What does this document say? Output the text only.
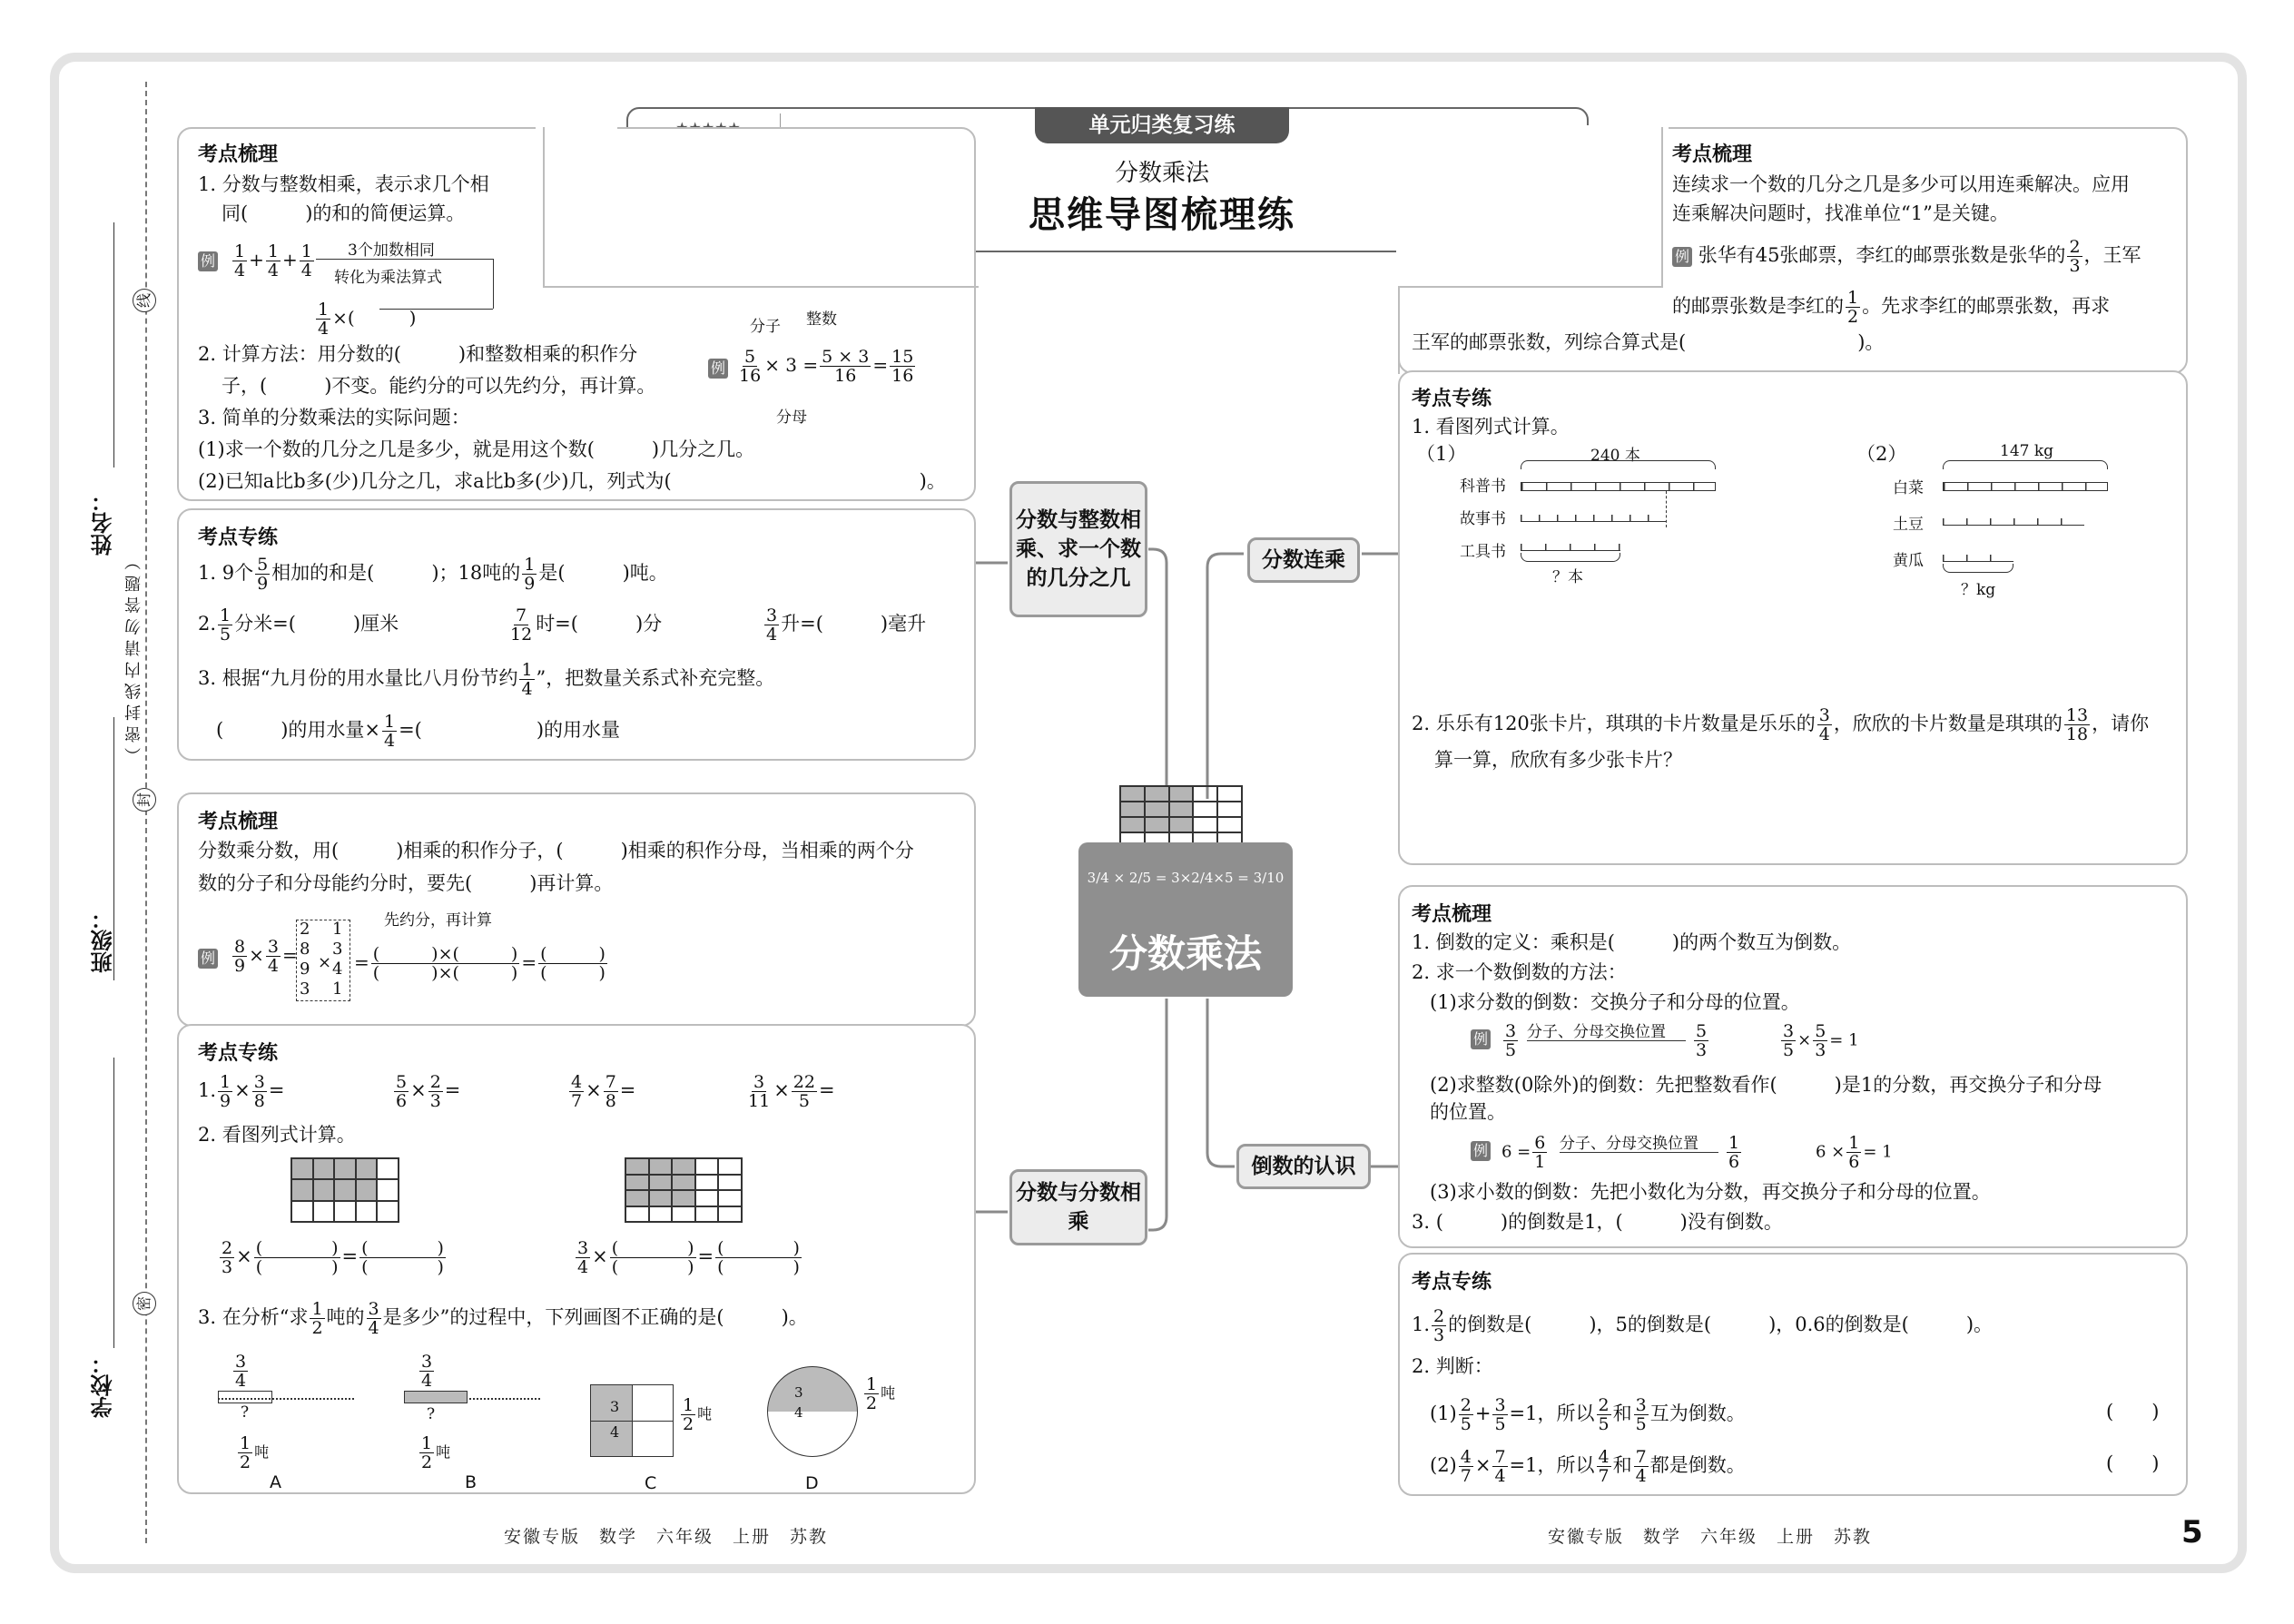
学校：
班级：
姓名：
（ 密 封 线 内 请 勿 答 题 ）
线
封
密
单元归类复习练
分数乘法
思维导图梳理练
考点梳理
1. 分数与整数相乘，表示求几个相
同(　　　)的和的简便运算。
例 $\frac{1}{4} + \frac{1}{4} + \frac{1}{4} 3$个加数相同
转化为乘法算式
$\frac{1}{4}$ ×(　　　)
2. 计算方法：用分数的(　　　)和整数相乘的积作分
子，(　　　)不变。能约分的可以先约分，再计算。
例
分子 整数
$\frac{5}{16} \times 3 = \frac{5 \times 3}{16} = \frac{15}{16}$
分母
3. 简单的分数乘法的实际问题：
(1)求一个数的几分之几是多少，就是用这个数(　　　)几分之几。
(2)已知a比b多(少)几分之几，求a比b多(少)几，列式为(　　　　　　　　　　　　　)。
考点专练
1. 9个 $\frac{5}{9}$ 相加的和是(　　　)；18吨的 $\frac{1}{9}$ 是(　　　)吨。
2. $\frac{1}{5}$ 分米=(　　　)厘米	$\frac{7}{12}$ 时=(　　　)分	$\frac{3}{4}$ 升=(　　　)毫升
3. 根据“九月份的用水量比八月份节约 $\frac{1}{4}$ ”，把数量关系式补充完整。
(　　　)的用水量× $\frac{1}{4}$ =(　　　　　　)的用水量
考点梳理
分数乘分数，用(　　　)相乘的积作分子，(　　　)相乘的积作分母，当相乘的两个分
数的分子和分母能约分时，要先(　　　)再计算。
例 $\frac{8}{9} \times \frac{3}{4}$ =
2
8
9
3
×
1
3
4
1
先约分，再计算
= $\frac{( )\times( )}{( )\times( )} = \frac{( )}{( )}$
考点专练
1. $\frac{1}{9} \times \frac{3}{8}$ =	$\frac{5}{6} \times \frac{2}{3}$ =	$\frac{4}{7} \times \frac{7}{8}$ =	$\frac{3}{11} \times \frac{22}{5}$ =
2. 看图列式计算。
$\frac{2}{3} \times \frac{( )}{( )} = \frac{( )}{( )}$	$\frac{3}{4} \times \frac{( )}{( )} = \frac{( )}{( )}$
3. 在分析“求 $\frac{1}{2}$ 吨的 $\frac{3}{4}$ 是多少”的过程中，下列画图不正确的是(　　　)。
$\frac{3}{4}$
?
$\frac{1}{2}$ 吨
A
$\frac{3}{4}$
?
$\frac{1}{2}$ 吨
B
3
4	$\frac{1}{2}$ 吨
C
3
4	$\frac{1}{2}$ 吨
D
3/4 × 2/5 = 3×2/4×5 = 3/10
分数乘法
分数与整数相乘、求一个数的几分之几
分数与分数相乘
分数连乘
倒数的认识
考点梳理
连续求一个数的几分之几是多少可以用连乘解决。应用
连乘解决问题时，找准单位“1”是关键。
例 张华有45张邮票，李红的邮票张数是张华的 $\frac{2}{3}$ ，王军
的邮票张数是李红的 $\frac{1}{2}$ 。先求李红的邮票张数，再求
王军的邮票张数，列综合算式是(　　　　　　　　　)。
考点专练
1. 看图列式计算。
（1）	（2）
240 本
科普书
故事书
工具书
？本
147 kg
白菜
土豆
黄瓜
？kg
2. 乐乐有120张卡片，琪琪的卡片数量是乐乐的 $\frac{3}{4}$ ，欣欣的卡片数量是琪琪的 $\frac{13}{18}$ ，请你
算一算，欣欣有多少张卡片？
考点梳理
1. 倒数的定义：乘积是(　　　)的两个数互为倒数。
2. 求一个数倒数的方法：
(1)求分数的倒数：交换分子和分母的位置。
例 $\frac{3}{5}$ 分子、分母交换位置 $\frac{5}{3}$	$\frac{3}{5} \times \frac{5}{3} = 1$
(2)求整数(0除外)的倒数：先把整数看作(　　　)是1的分数，再交换分子和分母
的位置。
例 $6 = \frac{6}{1}$ 分子、分母交换位置 $\frac{1}{6}$	$6 \times \frac{1}{6} = 1$
(3)求小数的倒数：先把小数化为分数，再交换分子和分母的位置。
3. (　　　)的倒数是1，(　　　)没有倒数。
考点专练
1. $\frac{2}{3}$ 的倒数是(　　　)，5的倒数是(　　　)，0.6的倒数是(　　　)。
2. 判断：
$(1) \frac{2}{5} + \frac{3}{5} =1$，所以 $\frac{2}{5}$ 和 $\frac{3}{5}$ 互为倒数。	(　　)
$(2) \frac{4}{7} \times \frac{7}{4} =1$，所以 $\frac{4}{7}$ 和 $\frac{7}{4}$ 都是倒数。	(　　)
安徽专版　数学　六年级　上册　苏教	安徽专版　数学　六年级　上册　苏教	5
